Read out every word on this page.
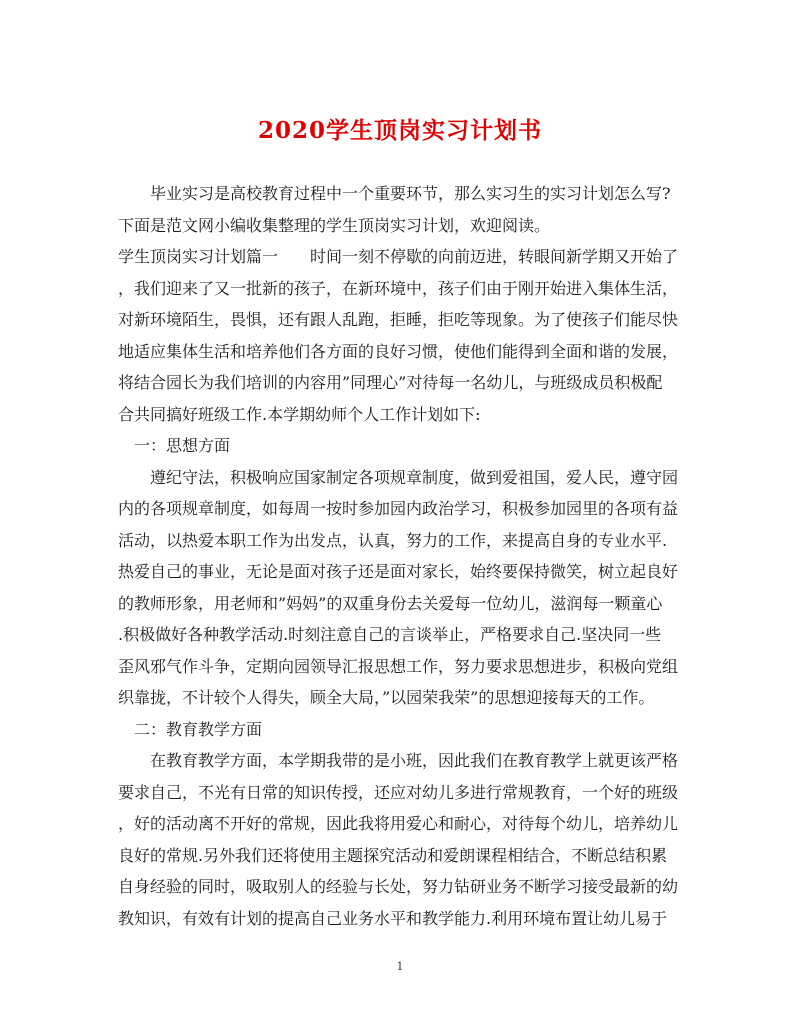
2020学生顶岗实习计划书
毕业实习是高校教育过程中一个重要环节，那么实习生的实习计划怎么写?
下面是范文网小编收集整理的学生顶岗实习计划，欢迎阅读。
学生顶岗实习计划篇一　　时间一刻不停歇的向前迈进，转眼间新学期又开始了
，我们迎来了又一批新的孩子，在新环境中，孩子们由于刚开始进入集体生活，
对新环境陌生，畏惧，还有跟人乱跑，拒睡，拒吃等现象。为了使孩子们能尽快
地适应集体生活和培养他们各方面的良好习惯，使他们能得到全面和谐的发展，
将结合园长为我们培训的内容用”同理心”对待每一名幼儿，与班级成员积极配
合共同搞好班级工作.本学期幼师个人工作计划如下:
一：思想方面
遵纪守法，积极响应国家制定各项规章制度，做到爱祖国，爱人民，遵守园
内的各项规章制度，如每周一按时参加园内政治学习，积极参加园里的各项有益
活动，以热爱本职工作为出发点，认真，努力的工作，来提高自身的专业水平.
热爱自己的事业，无论是面对孩子还是面对家长，始终要保持微笑，树立起良好
的教师形象，用老师和”妈妈”的双重身份去关爱每一位幼儿，滋润每一颗童心
.积极做好各种教学活动.时刻注意自己的言谈举止，严格要求自己.坚决同一些
歪风邪气作斗争，定期向园领导汇报思想工作，努力要求思想进步，积极向党组
织靠拢，不计较个人得失，顾全大局，”以园荣我荣”的思想迎接每天的工作。
二：教育教学方面
在教育教学方面，本学期我带的是小班，因此我们在教育教学上就更该严格
要求自己，不光有日常的知识传授，还应对幼儿多进行常规教育，一个好的班级
，好的活动离不开好的常规，因此我将用爱心和耐心，对待每个幼儿，培养幼儿
良好的常规.另外我们还将使用主题探究活动和爱朗课程相结合，不断总结积累
自身经验的同时，吸取别人的经验与长处，努力钻研业务不断学习接受最新的幼
教知识，有效有计划的提高自己业务水平和教学能力.利用环境布置让幼儿易于
1
